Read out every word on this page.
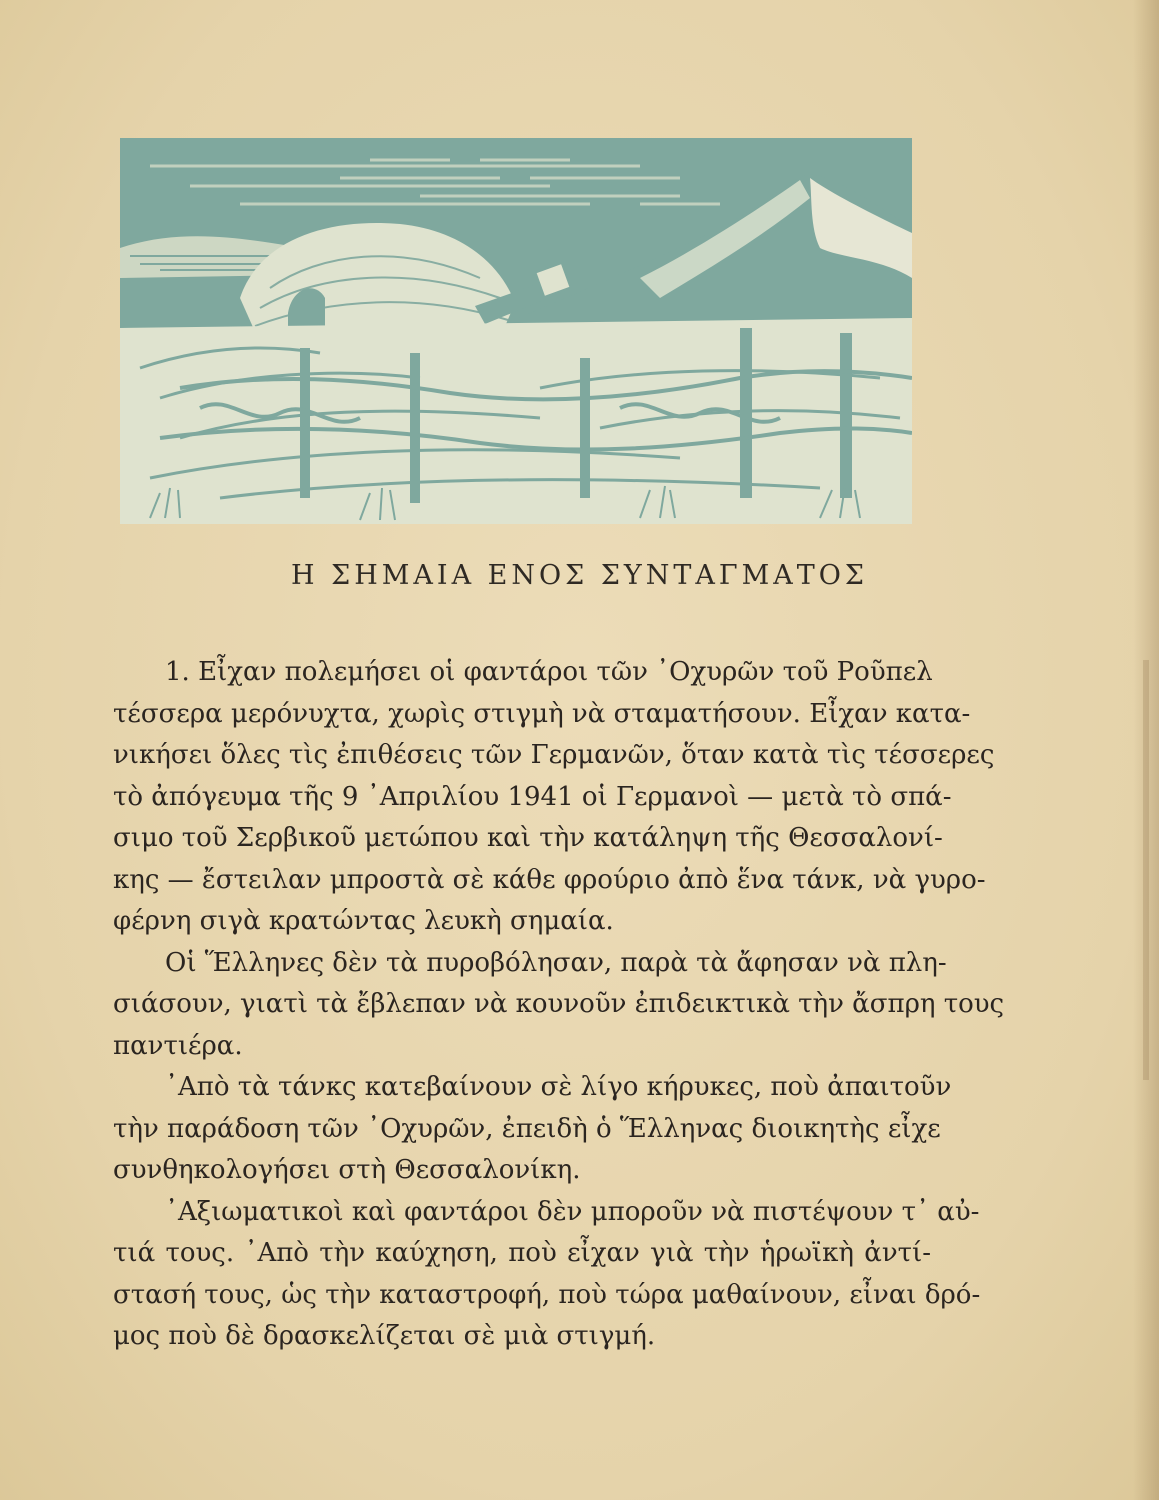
Η ΣΗΜΑΙΑ ΕΝΟΣ ΣΥΝΤΑΓΜΑΤΟΣ

1. Εἶχαν πολεμήσει οἱ φαντάροι τῶν ᾿Οχυρῶν τοῦ Ροῦπελ
τέσσερα μερόνυχτα, χωρὶς στιγμὴ νὰ σταματήσουν. Εἶχαν κατα-
νικήσει ὅλες τὶς ἐπιθέσεις τῶν Γερμανῶν, ὅταν κατὰ τὶς τέσσερες
τὸ ἀπόγευμα τῆς 9 ᾿Απριλίου 1941 οἱ Γερμανοὶ — μετὰ τὸ σπά-
σιμο τοῦ Σερβικοῦ μετώπου καὶ τὴν κατάληψη τῆς Θεσσαλονί-
κης — ἔστειλαν μπροστὰ σὲ κάθε φρούριο ἀπὸ ἕνα τάνκ, νὰ γυρο-
φέρνη σιγὰ κρατώντας λευκὴ σημαία.

Οἱ Ἕλληνες δὲν τὰ πυροβόλησαν, παρὰ τὰ ἄφησαν νὰ πλη-
σιάσουν, γιατὶ τὰ ἔβλεπαν νὰ κουνοῦν ἐπιδεικτικὰ τὴν ἄσπρη τους
παντιέρα.

᾿Απὸ τὰ τάνκς κατεβαίνουν σὲ λίγο κήρυκες, ποὺ ἀπαιτοῦν
τὴν παράδοση τῶν ᾿Οχυρῶν, ἐπειδὴ ὁ Ἕλληνας διοικητὴς εἶχε
συνθηκολογήσει στὴ Θεσσαλονίκη.

᾿Αξιωματικοὶ καὶ φαντάροι δὲν μποροῦν νὰ πιστέψουν τ᾿ αὐ-
τιά τους. ᾿Απὸ τὴν καύχηση, ποὺ εἶχαν γιὰ τὴν ἡρωϊκὴ ἀντί-
στασή τους, ὡς τὴν καταστροφή, ποὺ τώρα μαθαίνουν, εἶναι δρό-
μος ποὺ δὲ δρασκελίζεται σὲ μιὰ στιγμή.
